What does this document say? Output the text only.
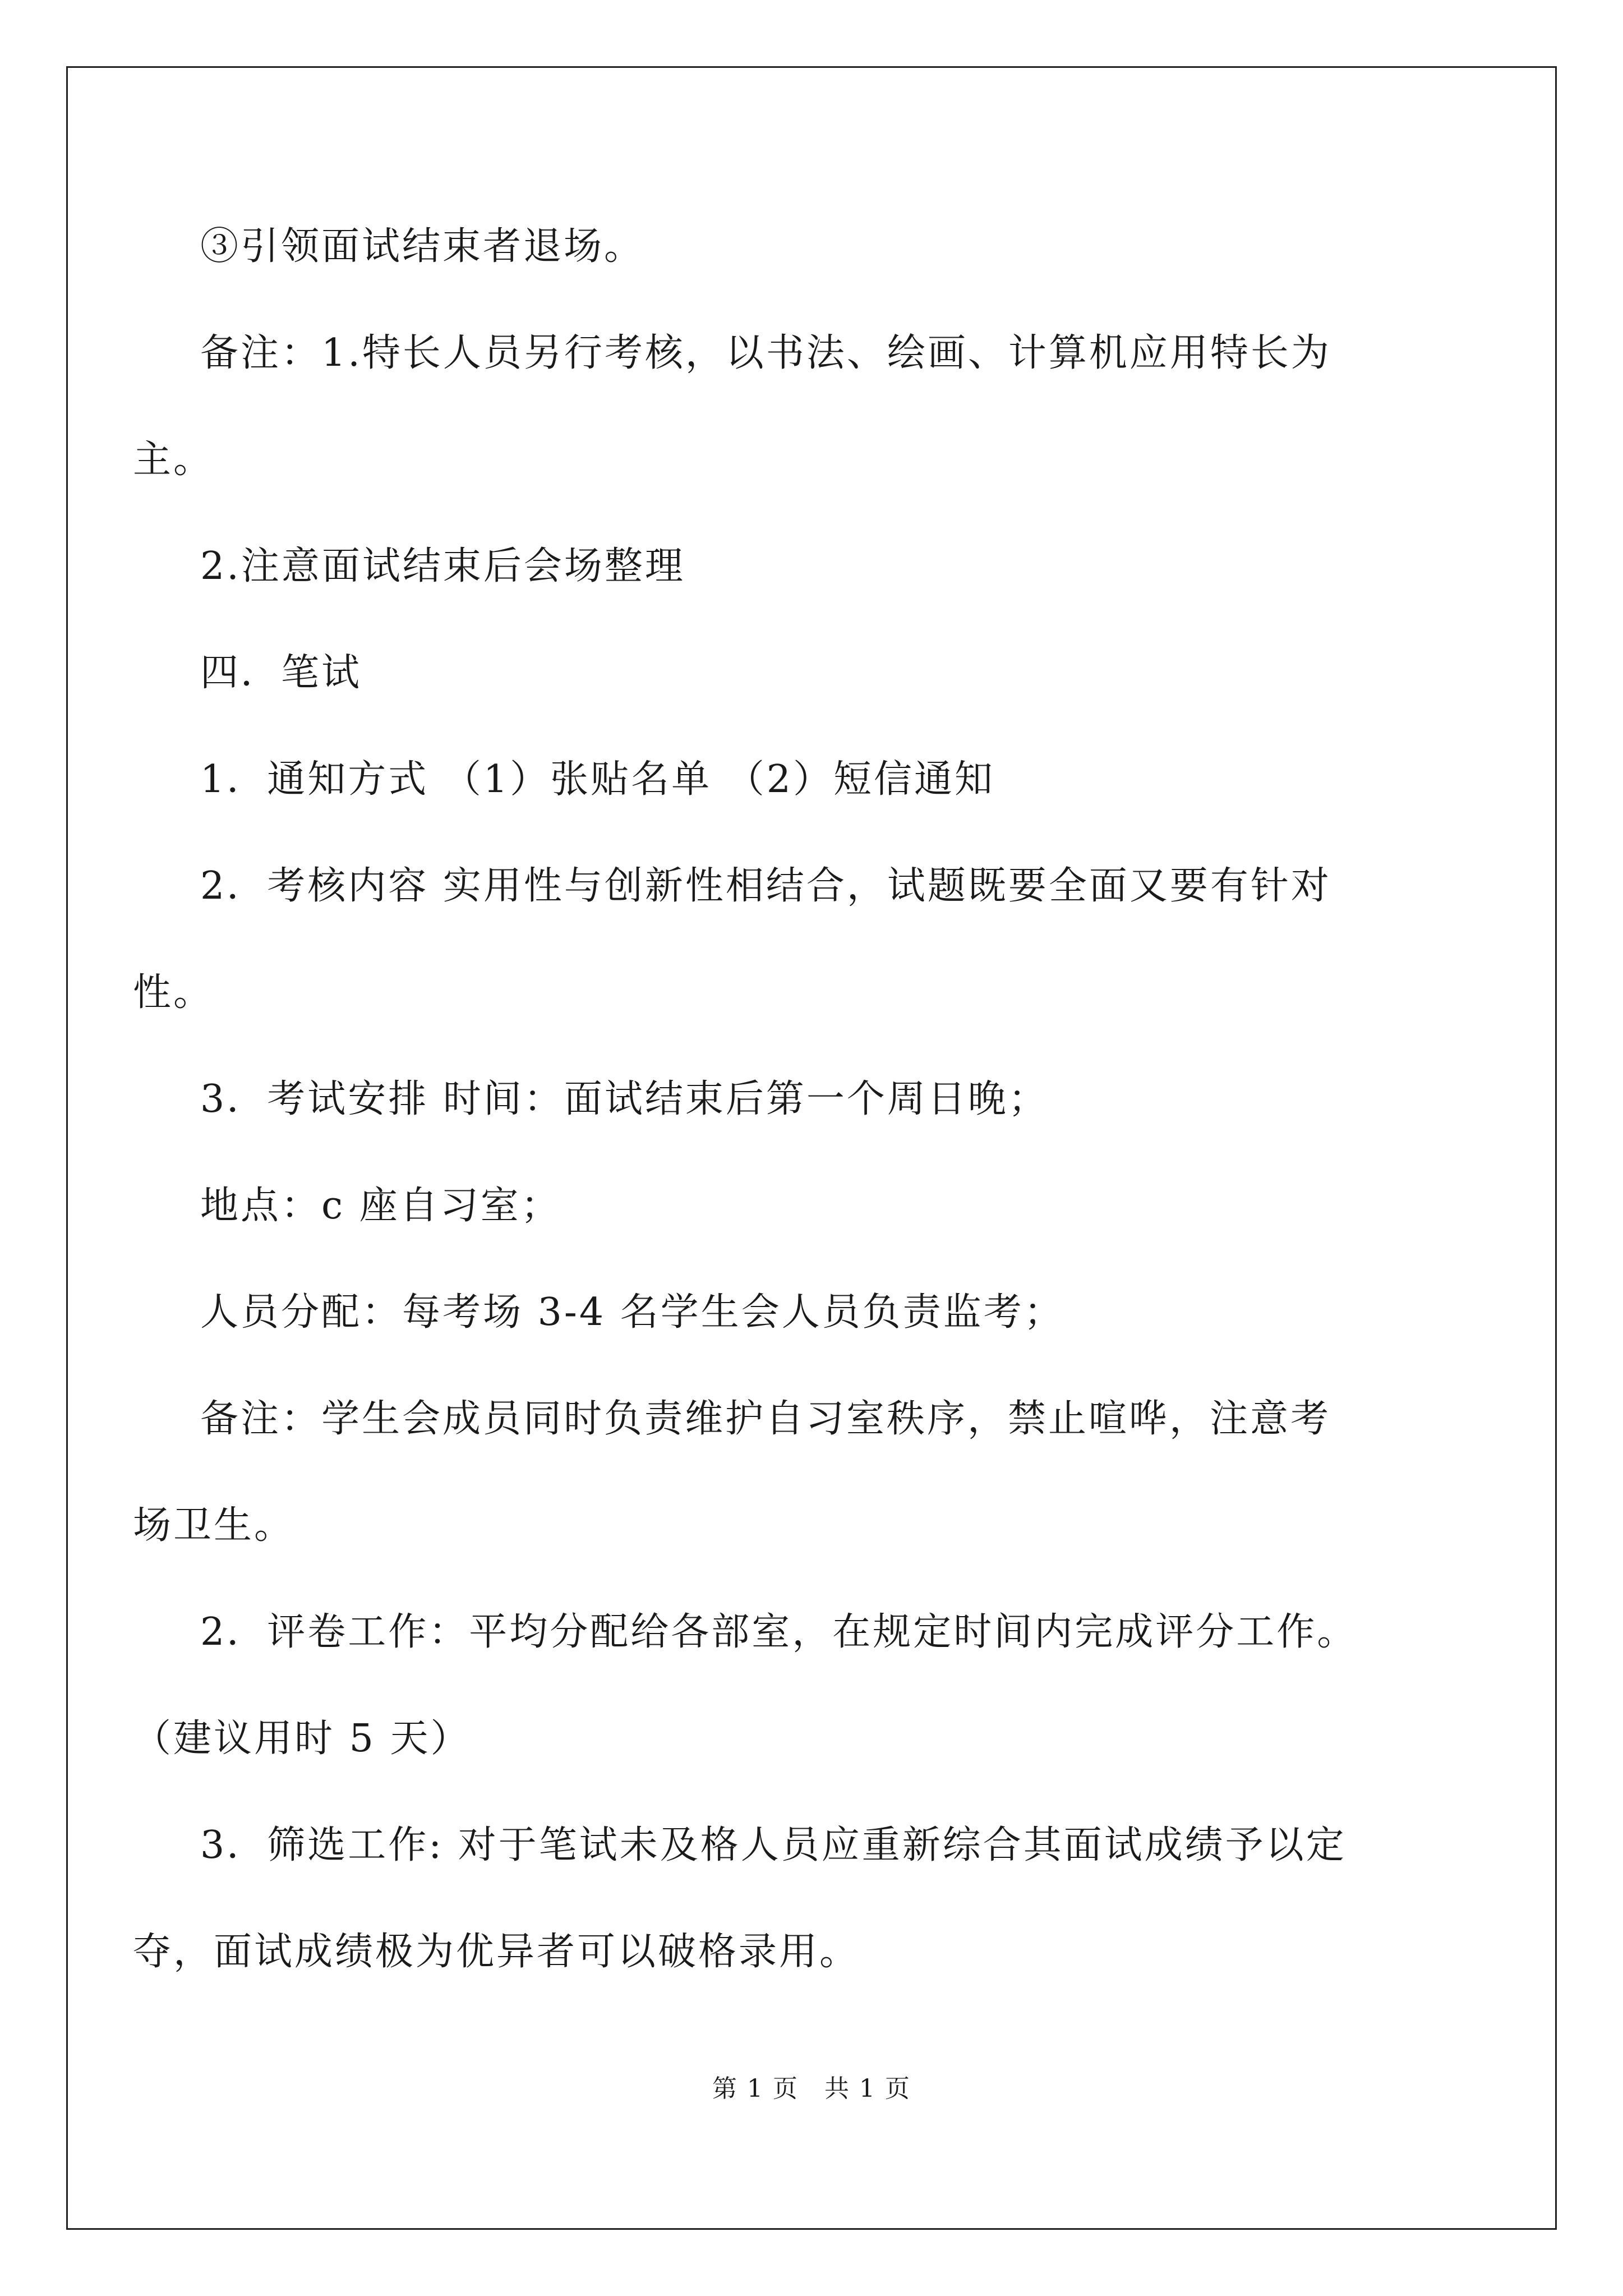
③引领面试结束者退场。
备注：1.特长人员另行考核，以书法、绘画、计算机应用特长为
主。
2.注意面试结束后会场整理
四．笔试
1．通知方式 （1）张贴名单 （2）短信通知
2．考核内容 实用性与创新性相结合，试题既要全面又要有针对
性。
3．考试安排 时间：面试结束后第一个周日晚；
地点：c 座自习室；
人员分配：每考场 3-4 名学生会人员负责监考；
备注：学生会成员同时负责维护自习室秩序，禁止喧哗，注意考
场卫生。
2．评卷工作：平均分配给各部室，在规定时间内完成评分工作。
（建议用时 5 天）
3．筛选工作: 对于笔试未及格人员应重新综合其面试成绩予以定
夺，面试成绩极为优异者可以破格录用。
第 1 页　共 1 页
